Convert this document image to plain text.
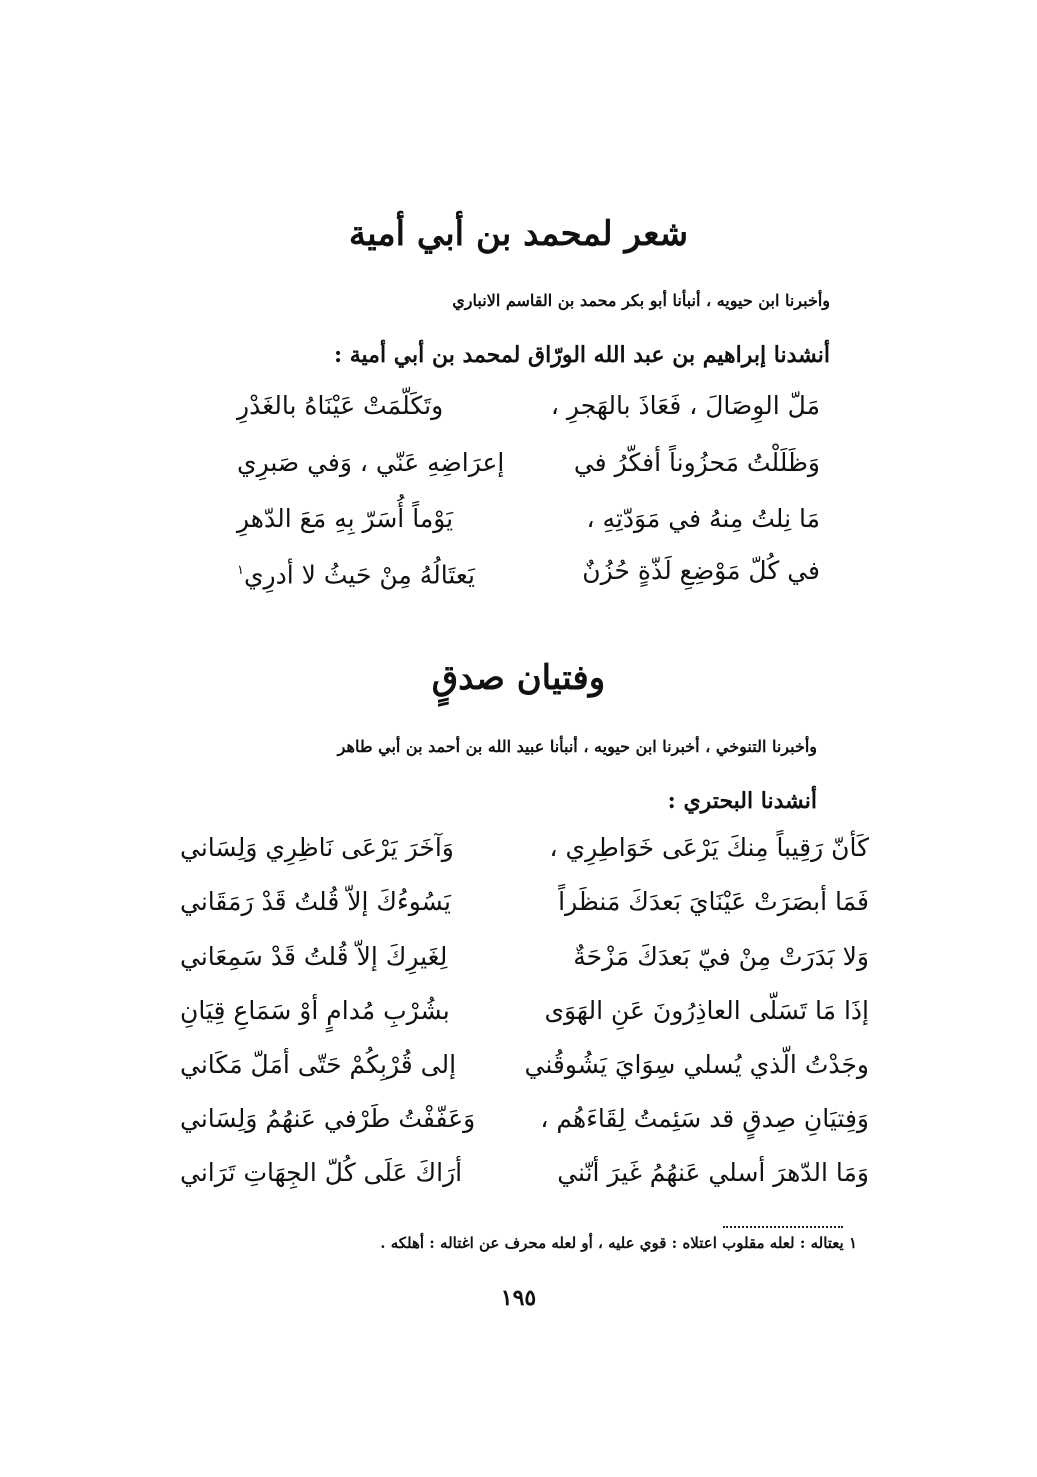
شعر لمحمد بن أبي أمية
وأخبرنا ابن حيويه ، أنبأنا أبو بكر محمد بن القاسم الانباري
أنشدنا إبراهيم بن عبد الله الورّاق لمحمد بن أبي أمية :
مَلّ الوِصَالَ ، فَعَاذَ بالهَجرِ ،
وتَكَلّمَتْ عَيْنَاهُ بالغَدْرِ
وَظَلَلْتُ مَحزُوناً أفكّرُ في
إعرَاضِهِ عَنّي ، وَفي صَبرِي
مَا نِلتُ مِنهُ في مَوَدّتِهِ ،
يَوْماً أُسَرّ بِهِ مَعَ الدّهرِ
في كُلّ مَوْضِعِ لَذّةٍ حُزُنٌ
يَعتَالُهُ مِنْ حَيثُ لا أدرِي$^١$
وفتيان صدقٍ
وأخبرنا التنوخي ، أخبرنا ابن حيويه ، أنبأنا عبيد الله بن أحمد بن أبي طاهر
أنشدنا البحتري :
كَأنّ رَقِيباً مِنكَ يَرْعَى خَوَاطِرِي ،
وَآخَرَ يَرْعَى نَاظِرِي وَلِسَاني
فَمَا أبصَرَتْ عَيْنَايَ بَعدَكَ مَنظَراً
يَسُوءُكَ إلاّ قُلتُ قَدْ رَمَقَاني
وَلا بَدَرَتْ مِنْ فيّ بَعدَكَ مَزْحَةٌ
لِغَيرِكَ إلاّ قُلتُ قَدْ سَمِعَاني
إذَا مَا تَسَلّى العاذِرُونَ عَنِ الهَوَى
بشُرْبِ مُدامٍ أوْ سَمَاعِ قِيَانِ
وجَدْتُ الّذي يُسلي سِوَايَ يَشُوقُني
إلى قُرْبِكُمْ حَتّى أمَلّ مَكَاني
وَفِتيَانِ صِدقٍ قد سَئِمتُ لِقَاءَهُم ،
وَعَفّفْتُ طَرْفي عَنهُمُ وَلِسَاني
وَمَا الدّهرَ أسلي عَنهُمُ غَيرَ أنّني
أرَاكَ عَلَى كُلّ الجِهَاتِ تَرَاني
١ يعتاله : لعله مقلوب اعتلاه : قوي عليه ، أو لعله محرف عن اغتاله : أهلكه .
١٩٥
